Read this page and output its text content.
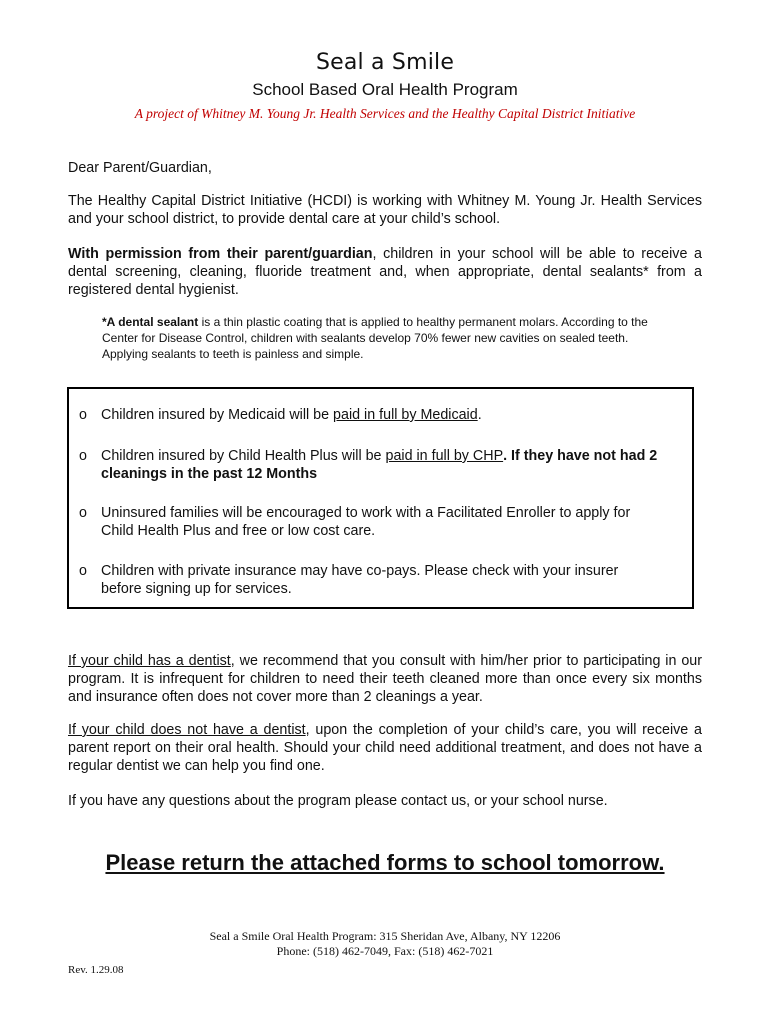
Seal a Smile
School Based Oral Health Program
A project of Whitney M. Young Jr. Health Services and the Healthy Capital District Initiative
Dear Parent/Guardian,
The Healthy Capital District Initiative (HCDI) is working with Whitney M. Young Jr. Health Services and your school district, to provide dental care at your child’s school.
With permission from their parent/guardian, children in your school will be able to receive a dental screening, cleaning, fluoride treatment and, when appropriate, dental sealants* from a registered dental hygienist.
*A dental sealant is a thin plastic coating that is applied to healthy permanent molars. According to the Center for Disease Control, children with sealants develop 70% fewer new cavities on sealed teeth. Applying sealants to teeth is painless and simple.
o Children insured by Medicaid will be paid in full by Medicaid.
o Children insured by Child Health Plus will be paid in full by CHP. If they have not had 2 cleanings in the past 12 Months
o Uninsured families will be encouraged to work with a Facilitated Enroller to apply for Child Health Plus and free or low cost care.
o Children with private insurance may have co-pays. Please check with your insurer before signing up for services.
If your child has a dentist, we recommend that you consult with him/her prior to participating in our program. It is infrequent for children to need their teeth cleaned more than once every six months and insurance often does not cover more than 2 cleanings a year.
If your child does not have a dentist, upon the completion of your child’s care, you will receive a parent report on their oral health. Should your child need additional treatment, and does not have a regular dentist we can help you find one.
If you have any questions about the program please contact us, or your school nurse.
Please return the attached forms to school tomorrow.
Seal a Smile Oral Health Program: 315 Sheridan Ave, Albany, NY 12206
Phone: (518) 462-7049, Fax: (518) 462-7021
Rev. 1.29.08
